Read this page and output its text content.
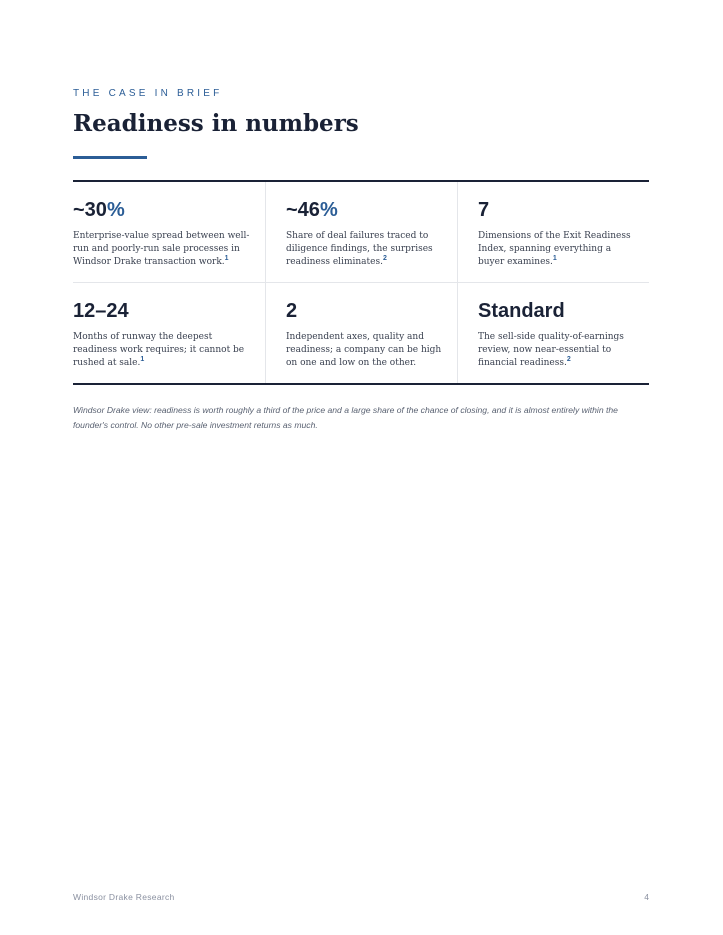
THE CASE IN BRIEF
Readiness in numbers
~30%
Enterprise-value spread between well-run and poorly-run sale processes in Windsor Drake transaction work.$^1$
~46%
Share of deal failures traced to diligence findings, the surprises readiness eliminates.$^2$
7
Dimensions of the Exit Readiness Index, spanning everything a buyer examines.$^1$
12–24
Months of runway the deepest readiness work requires; it cannot be rushed at sale.$^1$
2
Independent axes, quality and readiness; a company can be high on one and low on the other.
Standard
The sell-side quality-of-earnings review, now near-essential to financial readiness.$^2$
Windsor Drake view: readiness is worth roughly a third of the price and a large share of the chance of closing, and it is almost entirely within the founder's control. No other pre-sale investment returns as much.
Windsor Drake Research	4
